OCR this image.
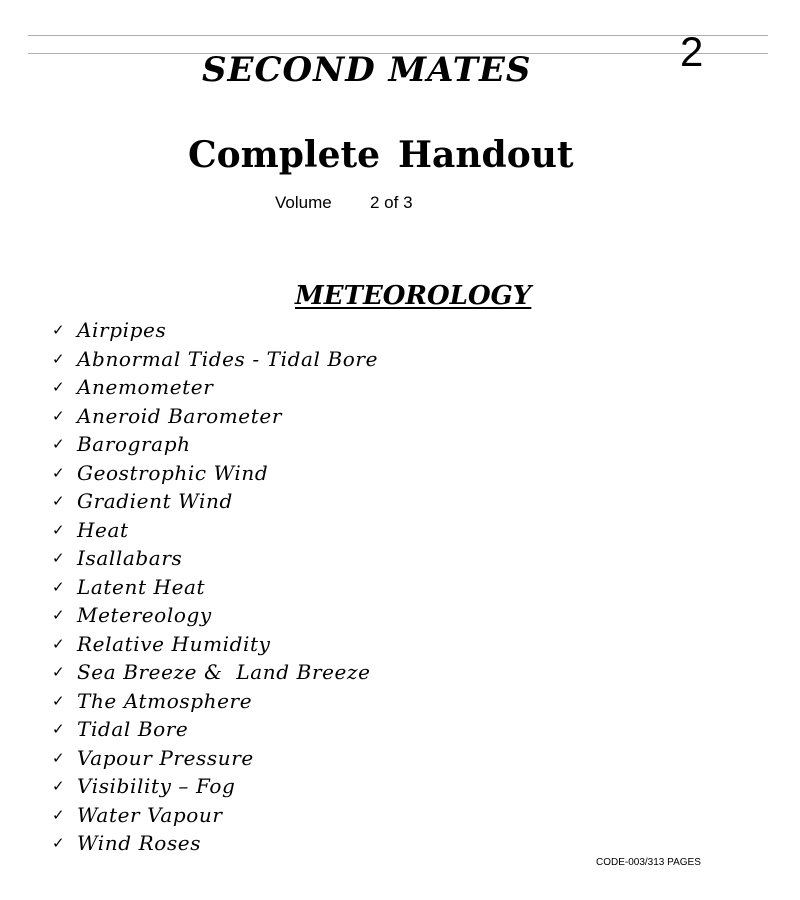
2
SECOND MATES
Complete Handout
Volume 2 of 3
METEOROLOGY
✓ Airpipes
✓ Abnormal Tides - Tidal Bore
✓ Anemometer
✓ Aneroid Barometer
✓ Barograph
✓ Geostrophic Wind
✓ Gradient Wind
✓ Heat
✓ Isallabars
✓ Latent Heat
✓ Metereology
✓ Relative Humidity
✓ Sea Breeze &  Land Breeze
✓ The Atmosphere
✓ Tidal Bore
✓ Vapour Pressure
✓ Visibility – Fog
✓ Water Vapour
✓ Wind Roses
CODE-003/313 PAGES
